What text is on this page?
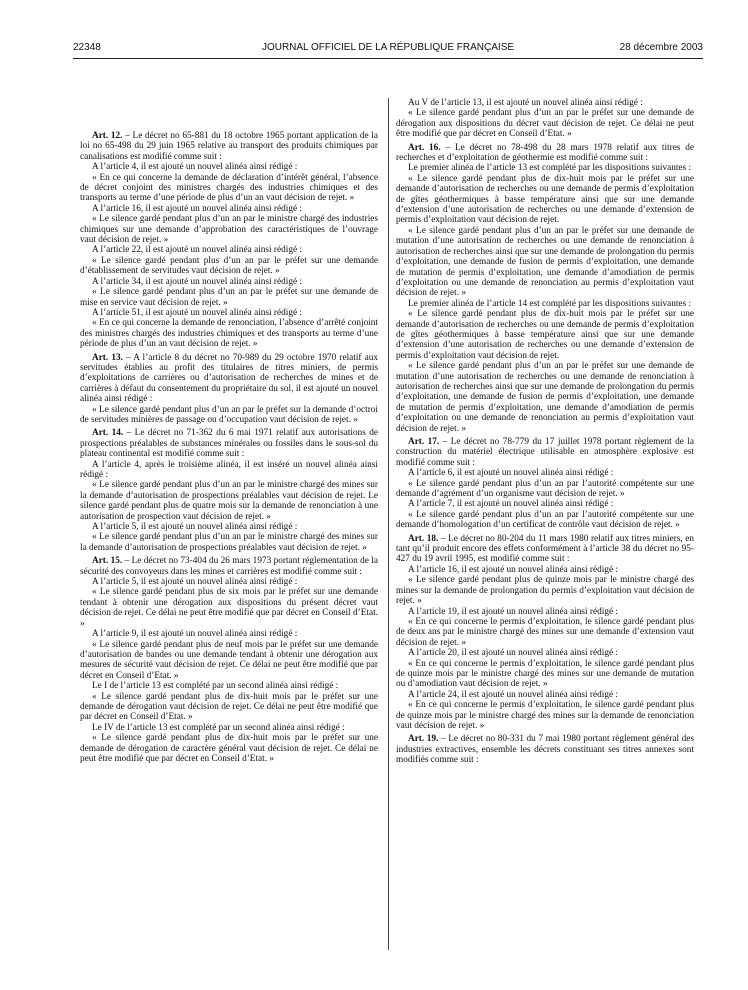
22348	JOURNAL OFFICIEL DE LA RÉPUBLIQUE FRANÇAISE	28 décembre 2003

Art. 12. – Le décret no 65-881 du 18 octobre 1965 portant application de la loi no 65-498 du 29 juin 1965 relative au transport des produits chimiques par canalisations est modifié comme suit :

A l’article 4, il est ajouté un nouvel alinéa ainsi rédigé :

« En ce qui concerne la demande de déclaration d’intérêt général, l’absence de décret conjoint des ministres chargés des industries chimiques et des transports au terme d’une période de plus d’un an vaut décision de rejet. »

A l’article 16, il est ajouté un nouvel alinéa ainsi rédigé :

« Le silence gardé pendant plus d’un an par le ministre chargé des industries chimiques sur une demande d’approbation des caractéristiques de l’ouvrage vaut décision de rejet. »

A l’article 22, il est ajouté un nouvel alinéa ainsi rédigé :

« Le silence gardé pendant plus d’un an par le préfet sur une demande d’établissement de servitudes vaut décision de rejet. »

A l’article 34, il est ajouté un nouvel alinéa ainsi rédigé :

« Le silence gardé pendant plus d’un an par le préfet sur une demande de mise en service vaut décision de rejet. »

A l’article 51, il est ajouté un nouvel alinéa ainsi rédigé :

« En ce qui concerne la demande de renonciation, l’absence d’arrêté conjoint des ministres chargés des industries chimiques et des transports au terme d’une période de plus d’un an vaut décision de rejet. »

Art. 13. – A l’article 8 du décret no 70-989 du 29 octobre 1970 relatif aux servitudes établies au profit des titulaires de titres miniers, de permis d’exploitations de carrières ou d’autorisation de recherches de mines et de carrières à défaut du consentement du propriétaire du sol, il est ajouté un nouvel alinéa ainsi rédigé :

« Le silence gardé pendant plus d’un an par le préfet sur la demande d’octroi de servitudes minières de passage ou d’occupation vaut décision de rejet. »

Art. 14. – Le décret no 71-362 du 6 mai 1971 relatif aux autorisations de prospections préalables de substances minérales ou fossiles dans le sous-sol du plateau continental est modifié comme suit :

A l’article 4, après le troisième alinéa, il est inséré un nouvel alinéa ainsi rédigé :

« Le silence gardé pendant plus d’un an par le ministre chargé des mines sur la demande d’autorisation de prospections préalables vaut décision de rejet. Le silence gardé pendant plus de quatre mois sur la demande de renonciation à une autorisation de prospection vaut décision de rejet. »

A l’article 5, il est ajouté un nouvel alinéa ainsi rédigé :

« Le silence gardé pendant plus d’un an par le ministre chargé des mines sur la demande d’autorisation de prospections préalables vaut décision de rejet. »

Art. 15. – Le décret no 73-404 du 26 mars 1973 portant réglementation de la sécurité des convoyeurs dans les mines et carrières est modifié comme suit :

A l’article 5, il est ajouté un nouvel alinéa ainsi rédigé :

« Le silence gardé pendant plus de six mois par le préfet sur une demande tendant à obtenir une dérogation aux dispositions du présent décret vaut décision de rejet. Ce délai ne peut être modifié que par décret en Conseil d’Etat. »

A l’article 9, il est ajouté un nouvel alinéa ainsi rédigé :

« Le silence gardé pendant plus de neuf mois par le préfet sur une demande d’autorisation de bandes ou une demande tendant à obtenir une dérogation aux mesures de sécurité vaut décision de rejet. Ce délai ne peut être modifié que par décret en Conseil d’Etat. »

Le I de l’article 13 est complété par un second alinéa ainsi rédigé :

« Le silence gardé pendant plus de dix-huit mois par le préfet sur une demande de dérogation vaut décision de rejet. Ce délai ne peut être modifié que par décret en Conseil d’Etat. »

Le IV de l’article 13 est complété par un second alinéa ainsi rédigé :

« Le silence gardé pendant plus de dix-huit mois par le préfet sur une demande de dérogation de caractère général vaut décision de rejet. Ce délai ne peut être modifié que par décret en Conseil d’Etat. »

Au V de l’article 13, il est ajouté un nouvel alinéa ainsi rédigé :

« Le silence gardé pendant plus d’un an par le préfet sur une demande de dérogation aux dispositions du décret vaut décision de rejet. Ce délai ne peut être modifié que par décret en Conseil d’Etat. »

Art. 16. – Le décret no 78-498 du 28 mars 1978 relatif aux titres de recherches et d’exploitation de géothermie est modifié comme suit :

Le premier alinéa de l’article 13 est complété par les dispositions suivantes :

« Le silence gardé pendant plus de dix-huit mois par le préfet sur une demande d’autorisation de recherches ou une demande de permis d’exploitation de gîtes géothermiques à basse température ainsi que sur une demande d’extension d’une autorisation de recherches ou une demande d’extension de permis d’exploitation vaut décision de rejet.

« Le silence gardé pendant plus d’un an par le préfet sur une demande de mutation d’une autorisation de recherches ou une demande de renonciation à autorisation de recherches ainsi que sur une demande de prolongation du permis d’exploitation, une demande de fusion de permis d’exploitation, une demande de mutation de permis d’exploitation, une demande d’amodiation de permis d’exploitation ou une demande de renonciation au permis d’exploitation vaut décision de rejet. »

Le premier alinéa de l’article 14 est complété par les dispositions suivantes :

« Le silence gardé pendant plus de dix-huit mois par le préfet sur une demande d’autorisation de recherches ou une demande de permis d’exploitation de gîtes géothermiques à basse température ainsi que sur une demande d’extension d’une autorisation de recherches ou une demande d’extension de permis d’exploitation vaut décision de rejet.

« Le silence gardé pendant plus d’un an par le préfet sur une demande de mutation d’une autorisation de recherches ou une demande de renonciation à autorisation de recherches ainsi que sur une demande de prolongation du permis d’exploitation, une demande de fusion de permis d’exploitation, une demande de mutation de permis d’exploitation, une demande d’amodiation de permis d’exploitation ou une demande de renonciation au permis d’exploitation vaut décision de rejet. »

Art. 17. – Le décret no 78-779 du 17 juillet 1978 portant règlement de la construction du matériel électrique utilisable en atmosphère explosive est modifié comme suit :

A l’article 6, il est ajouté un nouvel alinéa ainsi rédigé :

« Le silence gardé pendant plus d’un an par l’autorité compétente sur une demande d’agrément d’un organisme vaut décision de rejet. »

A l’article 7, il est ajouté un nouvel alinéa ainsi rédigé :

« Le silence gardé pendant plus d’un an par l’autorité compétente sur une demande d’homologation d’un certificat de contrôle vaut décision de rejet. »

Art. 18. – Le décret no 80-204 du 11 mars 1980 relatif aux titres miniers, en tant qu’il produit encore des effets conformément à l’article 38 du décret no 95-427 du 19 avril 1995, est modifié comme suit :

A l’article 16, il est ajouté un nouvel alinéa ainsi rédigé :

« Le silence gardé pendant plus de quinze mois par le ministre chargé des mines sur la demande de prolongation du permis d’exploitation vaut décision de rejet. »

A l’article 19, il est ajouté un nouvel alinéa ainsi rédigé :

« En ce qui concerne le permis d’exploitation, le silence gardé pendant plus de deux ans par le ministre chargé des mines sur une demande d’extension vaut décision de rejet. »

A l’article 20, il est ajouté un nouvel alinéa ainsi rédigé :

« En ce qui concerne le permis d’exploitation, le silence gardé pendant plus de quinze mois par le ministre chargé des mines sur une demande de mutation ou d’amodiation vaut décision de rejet. »

A l’article 24, il est ajouté un nouvel alinéa ainsi rédigé :

« En ce qui concerne le permis d’exploitation, le silence gardé pendant plus de quinze mois par le ministre chargé des mines sur la demande de renonciation vaut décision de rejet. »

Art. 19. – Le décret no 80-331 du 7 mai 1980 portant règlement général des industries extractives, ensemble les décrets constituant ses titres annexes sont modifiés comme suit :
